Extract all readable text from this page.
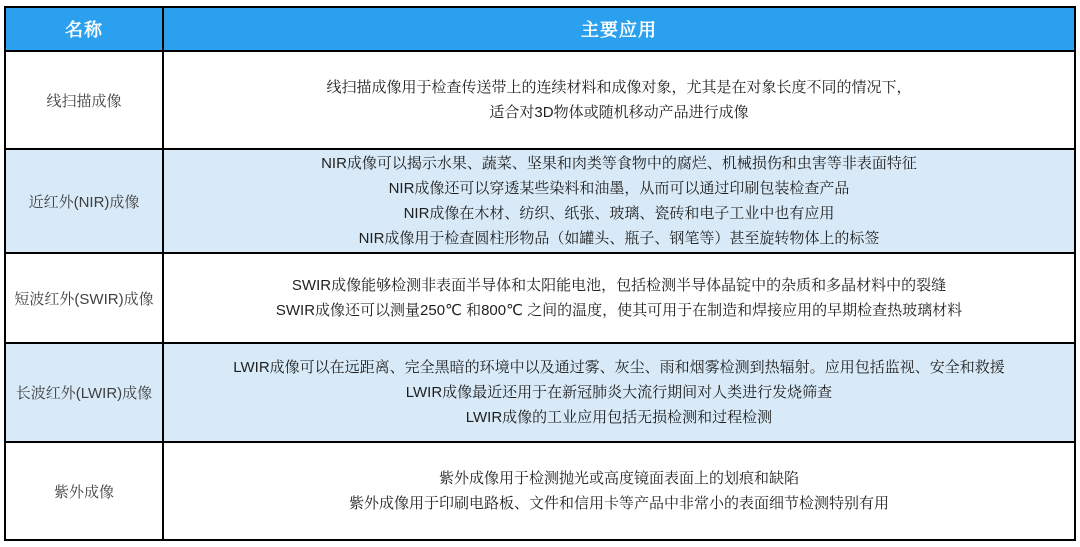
名称	主要应用
线扫描成像
线扫描成像用于检查传送带上的连续材料和成像对象，尤其是在对象长度不同的情况下，
适合对3D物体或随机移动产品进行成像
近红外(NIR)成像
NIR成像可以揭示水果、蔬菜、坚果和肉类等食物中的腐烂、机械损伤和虫害等非表面特征
NIR成像还可以穿透某些染料和油墨，从而可以通过印刷包装检查产品
NIR成像在木材、纺织、纸张、玻璃、瓷砖和电子工业中也有应用
NIR成像用于检查圆柱形物品（如罐头、瓶子、钢笔等）甚至旋转物体上的标签
短波红外(SWIR)成像
SWIR成像能够检测非表面半导体和太阳能电池，包括检测半导体晶锭中的杂质和多晶材料中的裂缝
SWIR成像还可以测量250℃ 和800℃ 之间的温度，使其可用于在制造和焊接应用的早期检查热玻璃材料
长波红外(LWIR)成像
LWIR成像可以在远距离、完全黑暗的环境中以及通过雾、灰尘、雨和烟雾检测到热辐射。应用包括监视、安全和救援
LWIR成像最近还用于在新冠肺炎大流行期间对人类进行发烧筛查
LWIR成像的工业应用包括无损检测和过程检测
紫外成像
紫外成像用于检测抛光或高度镜面表面上的划痕和缺陷
紫外成像用于印刷电路板、文件和信用卡等产品中非常小的表面细节检测特别有用
